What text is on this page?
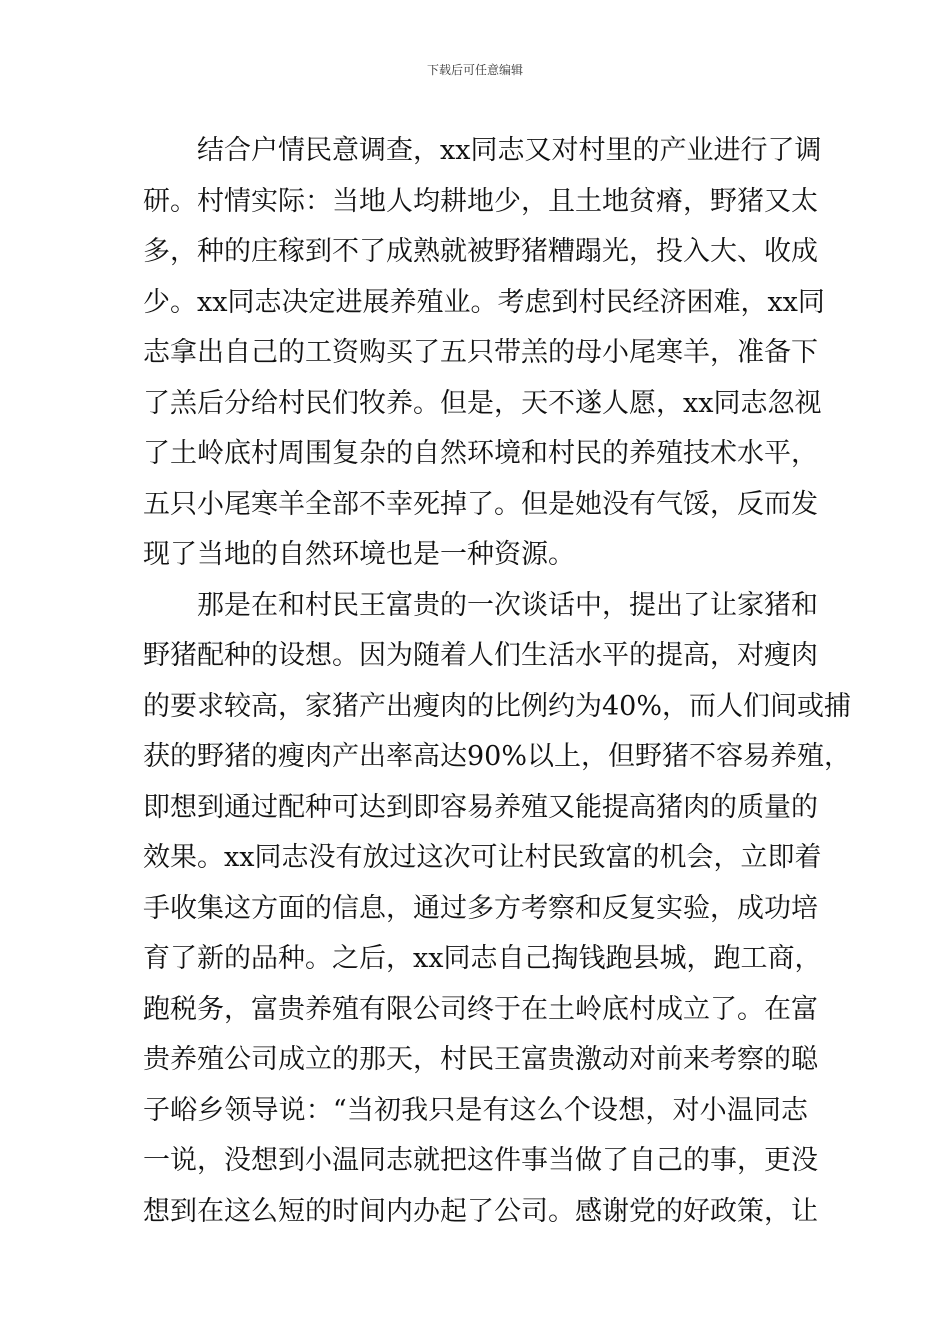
下载后可任意编辑
结合户情民意调查，xx同志又对村里的产业进行了调
研。村情实际：当地人均耕地少，且土地贫瘠，野猪又太
多，种的庄稼到不了成熟就被野猪糟蹋光，投入大、收成
少。xx同志决定进展养殖业。考虑到村民经济困难，xx同
志拿出自己的工资购买了五只带羔的母小尾寒羊，准备下
了羔后分给村民们牧养。但是，天不遂人愿，xx同志忽视
了土岭底村周围复杂的自然环境和村民的养殖技术水平，
五只小尾寒羊全部不幸死掉了。但是她没有气馁，反而发
现了当地的自然环境也是一种资源。
那是在和村民王富贵的一次谈话中，提出了让家猪和
野猪配种的设想。因为随着人们生活水平的提高，对瘦肉
的要求较高，家猪产出瘦肉的比例约为40%，而人们间或捕
获的野猪的瘦肉产出率高达90%以上，但野猪不容易养殖，
即想到通过配种可达到即容易养殖又能提高猪肉的质量的
效果。xx同志没有放过这次可让村民致富的机会，立即着
手收集这方面的信息，通过多方考察和反复实验，成功培
育了新的品种。之后，xx同志自己掏钱跑县城，跑工商，
跑税务，富贵养殖有限公司终于在土岭底村成立了。在富
贵养殖公司成立的那天，村民王富贵激动对前来考察的聪
子峪乡领导说：“当初我只是有这么个设想，对小温同志
一说，没想到小温同志就把这件事当做了自己的事，更没
想到在这么短的时间内办起了公司。感谢党的好政策，让
